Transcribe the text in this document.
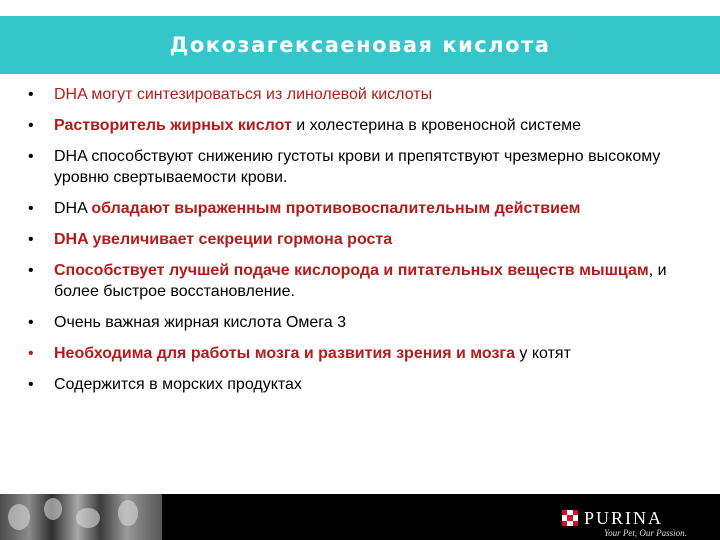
Докозагексаеновая кислота
• DHA могут синтезироваться из линолевой кислоты
• Растворитель жирных кислот и холестерина в кровеносной системе
• DHA способствуют снижению густоты крови и препятствуют чрезмерно высокому уровню свертываемости крови.
• DHA обладают выраженным противовоспалительным действием
• DHA увеличивает секреции гормона роста
• Способствует лучшей подаче кислорода и питательных веществ мышцам, и более быстрое восстановление.
• Очень важная жирная кислота Омега 3
• Необходима для работы мозга и развития зрения и мозга у котят
• Содержится в морских продуктах
PURINA
Your Pet, Our Passion.
